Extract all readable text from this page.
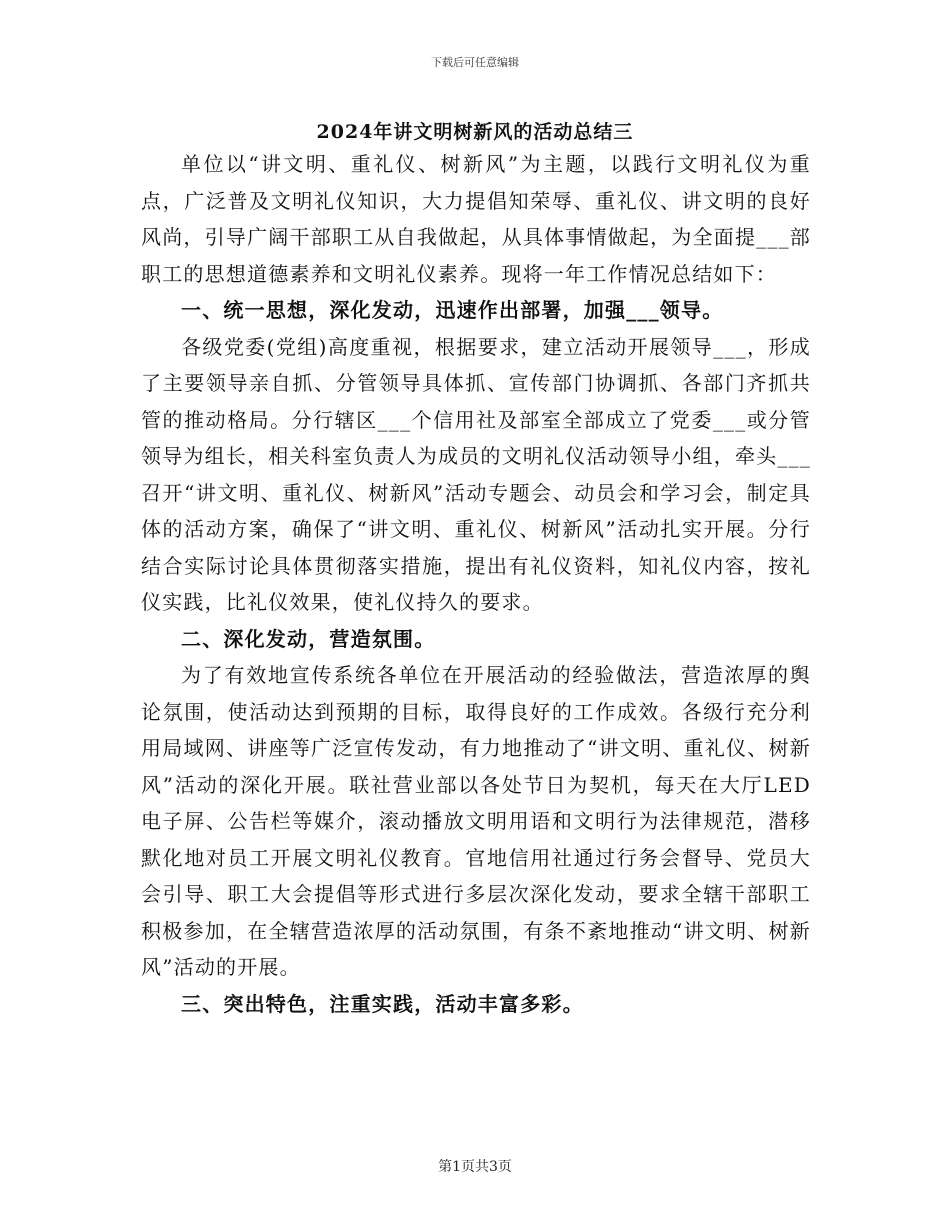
下载后可任意编辑
2024年讲文明树新风的活动总结三

单位以“讲文明、重礼仪、树新风”为主题，以践行文明礼仪为重点，广泛普及文明礼仪知识，大力提倡知荣辱、重礼仪、讲文明的良好风尚，引导广阔干部职工从自我做起，从具体事情做起，为全面提___部职工的思想道德素养和文明礼仪素养。现将一年工作情况总结如下：

一、统一思想，深化发动，迅速作出部署，加强___领导。

各级党委(党组)高度重视，根据要求，建立活动开展领导___，形成了主要领导亲自抓、分管领导具体抓、宣传部门协调抓、各部门齐抓共管的推动格局。分行辖区___个信用社及部室全部成立了党委___或分管领导为组长，相关科室负责人为成员的文明礼仪活动领导小组，牵头___召开“讲文明、重礼仪、树新风”活动专题会、动员会和学习会，制定具体的活动方案，确保了“讲文明、重礼仪、树新风”活动扎实开展。分行结合实际讨论具体贯彻落实措施，提出有礼仪资料，知礼仪内容，按礼仪实践，比礼仪效果，使礼仪持久的要求。

二、深化发动，营造氛围。

为了有效地宣传系统各单位在开展活动的经验做法，营造浓厚的舆论氛围，使活动达到预期的目标，取得良好的工作成效。各级行充分利用局域网、讲座等广泛宣传发动，有力地推动了“讲文明、重礼仪、树新风”活动的深化开展。联社营业部以各处节日为契机，每天在大厅LED电子屏、公告栏等媒介，滚动播放文明用语和文明行为法律规范，潜移默化地对员工开展文明礼仪教育。官地信用社通过行务会督导、党员大会引导、职工大会提倡等形式进行多层次深化发动，要求全辖干部职工积极参加，在全辖营造浓厚的活动氛围，有条不紊地推动“讲文明、树新风”活动的开展。

三、突出特色，注重实践，活动丰富多彩。

第1页共3页
